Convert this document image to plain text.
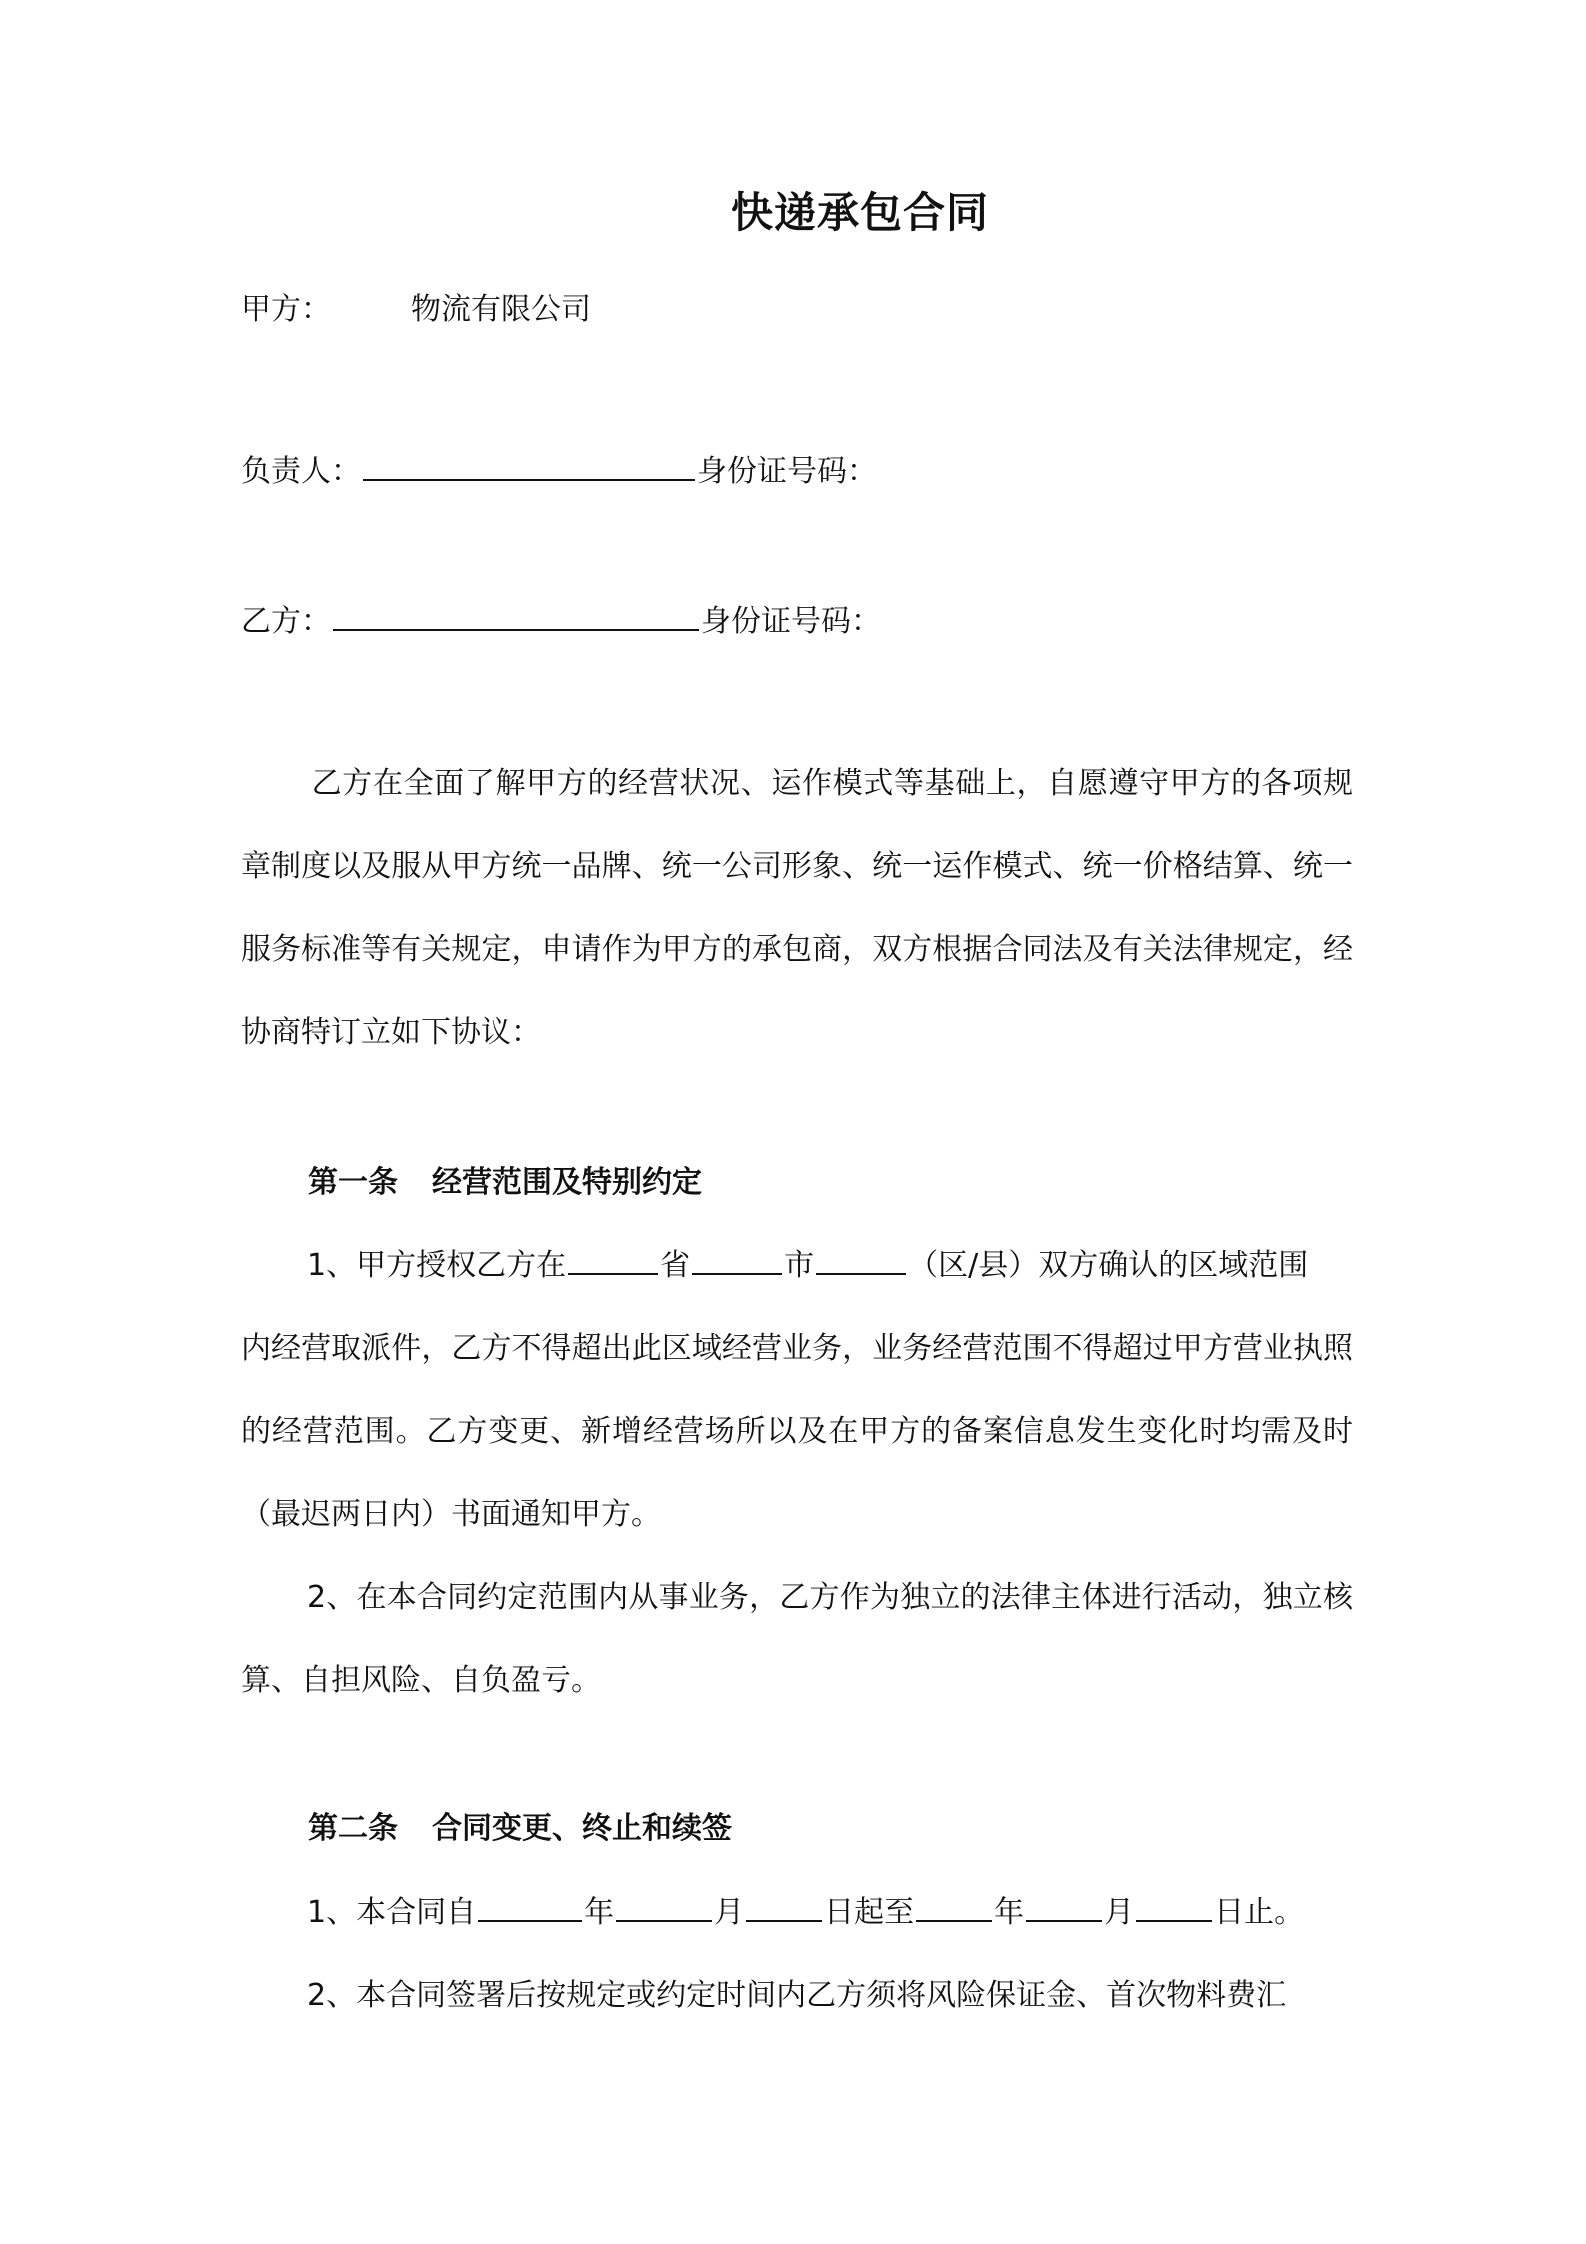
快递承包合同
甲方：	物流有限公司
负责人：	身份证号码：
乙方：	身份证号码：
乙方在全面了解甲方的经营状况、运作模式等基础上，自愿遵守甲方的各项规章制度以及服从甲方统一品牌、统一公司形象、统一运作模式、统一价格结算、统一服务标准等有关规定，申请作为甲方的承包商，双方根据合同法及有关法律规定，经协商特订立如下协议：
第一条 经营范围及特别约定
1、甲方授权乙方在	省	市	（区/县）双方确认的区域范围
内经营取派件，乙方不得超出此区域经营业务，业务经营范围不得超过甲方营业执照的经营范围。乙方变更、新增经营场所以及在甲方的备案信息发生变化时均需及时（最迟两日内）书面通知甲方。
2、在本合同约定范围内从事业务，乙方作为独立的法律主体进行活动，独立核算、自担风险、自负盈亏。
第二条 合同变更、终止和续签
1、本合同自	年	月	日起至	年	月	日止。
2、本合同签署后按规定或约定时间内乙方须将风险保证金、首次物料费汇
